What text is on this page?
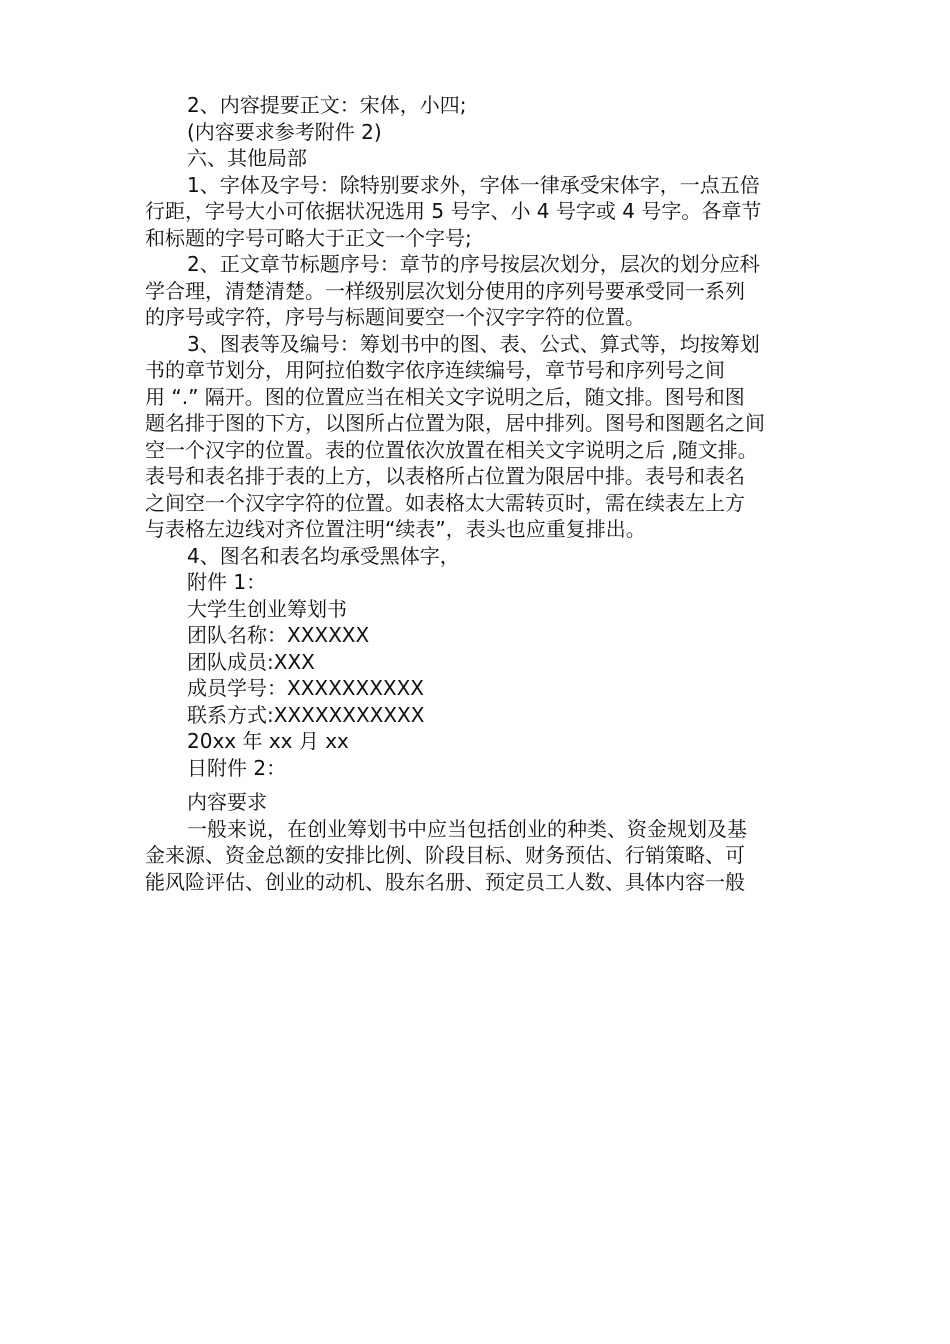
2、内容提要正文：宋体，小四;

(内容要求参考附件 2)

六、其他局部

1、字体及字号：除特别要求外，字体一律承受宋体字，一点五倍

行距，字号大小可依据状况选用 5 号字、小 4 号字或 4 号字。各章节

和标题的字号可略大于正文一个字号;

2、正文章节标题序号：章节的序号按层次划分，层次的划分应科

学合理，清楚清楚。一样级别层次划分使用的序列号要承受同一系列

的序号或字符，序号与标题间要空一个汉字字符的位置。

3、图表等及编号：筹划书中的图、表、公式、算式等，均按筹划

书的章节划分，用阿拉伯数字依序连续编号，章节号和序列号之间

用 “.” 隔开。图的位置应当在相关文字说明之后，随文排。图号和图

题名排于图的下方，以图所占位置为限，居中排列。图号和图题名之间

空一个汉字的位置。表的位置依次放置在相关文字说明之后 ,随文排。

表号和表名排于表的上方，以表格所占位置为限居中排。表号和表名

之间空一个汉字字符的位置。如表格太大需转页时，需在续表左上方

与表格左边线对齐位置注明“续表”，表头也应重复排出。

4、图名和表名均承受黑体字，

附件 1：

大学生创业筹划书

团队名称：XXXXXX

团队成员:XXX

成员学号：XXXXXXXXXX

联系方式:XXXXXXXXXXX

20xx 年 xx 月 xx

日附件 2：

内容要求

一般来说，在创业筹划书中应当包括创业的种类、资金规划及基

金来源、资金总额的安排比例、阶段目标、财务预估、行销策略、可

能风险评估、创业的动机、股东名册、预定员工人数、具体内容一般
